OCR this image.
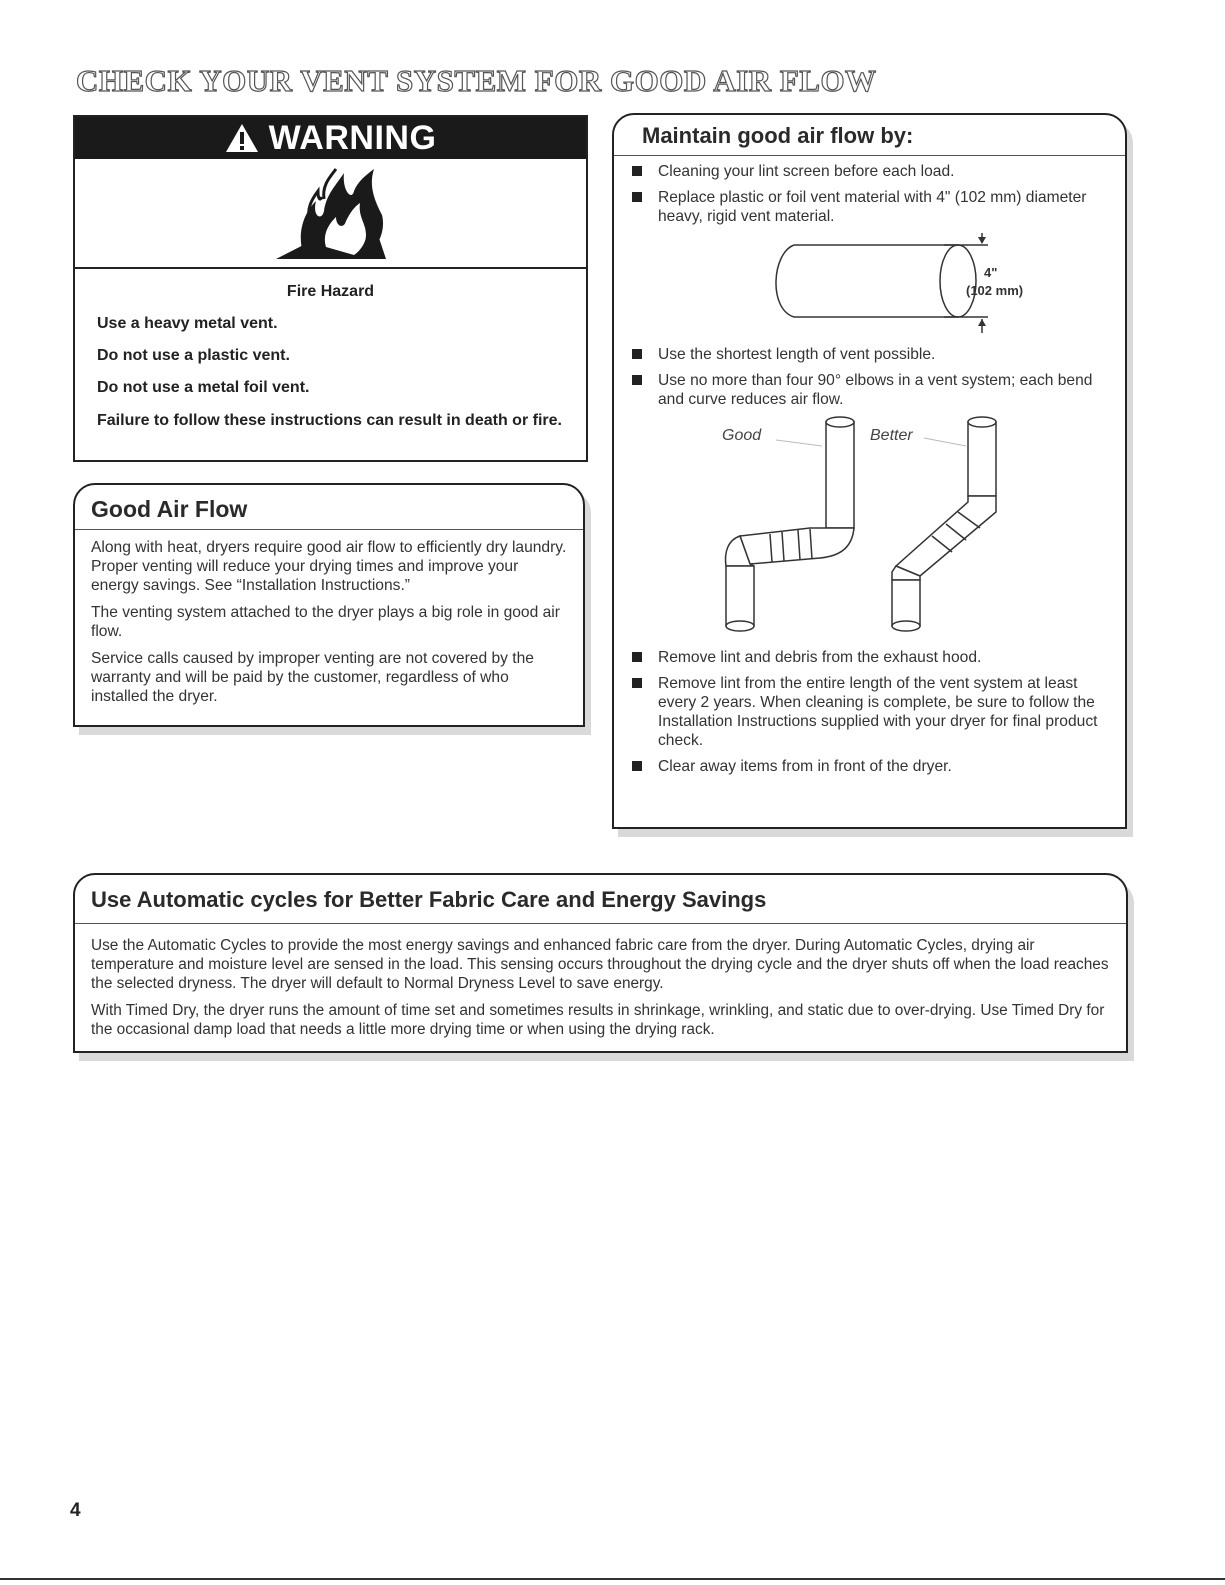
CHECK YOUR VENT SYSTEM FOR GOOD AIR FLOW
WARNING
Fire Hazard

Use a heavy metal vent.

Do not use a plastic vent.

Do not use a metal foil vent.

Failure to follow these instructions can result in death or fire.

Good Air Flow

Along with heat, dryers require good air flow to efficiently dry laundry. Proper venting will reduce your drying times and improve your energy savings. See “Installation Instructions.”

The venting system attached to the dryer plays a big role in good air flow.

Service calls caused by improper venting are not covered by the warranty and will be paid by the customer, regardless of who installed the dryer.

Maintain good air flow by:
Cleaning your lint screen before each load.
Replace plastic or foil vent material with 4" (102 mm) diameter heavy, rigid vent material.
4"
(102 mm)
Use the shortest length of vent possible.
Use no more than four 90° elbows in a vent system; each bend and curve reduces air flow.
Good	Better
Remove lint and debris from the exhaust hood.
Remove lint from the entire length of the vent system at least every 2 years. When cleaning is complete, be sure to follow the Installation Instructions supplied with your dryer for final product check.
Clear away items from in front of the dryer.
Use Automatic cycles for Better Fabric Care and Energy Savings

Use the Automatic Cycles to provide the most energy savings and enhanced fabric care from the dryer. During Automatic Cycles, drying air temperature and moisture level are sensed in the load. This sensing occurs throughout the drying cycle and the dryer shuts off when the load reaches the selected dryness. The dryer will default to Normal Dryness Level to save energy.

With Timed Dry, the dryer runs the amount of time set and sometimes results in shrinkage, wrinkling, and static due to over-drying. Use Timed Dry for the occasional damp load that needs a little more drying time or when using the drying rack.

4
